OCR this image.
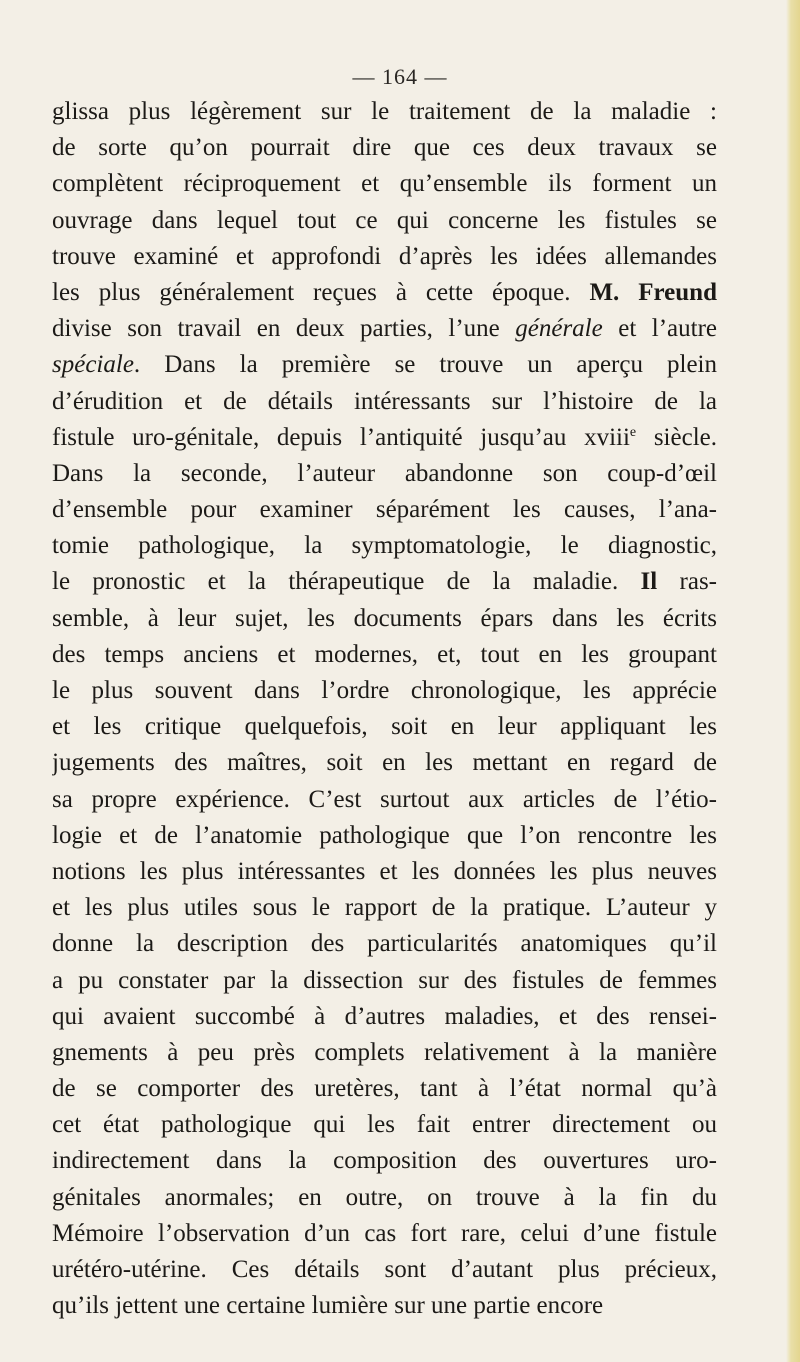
— 164 —
glissa plus légèrement sur le traitement de la maladie :
de sorte qu’on pourrait dire que ces deux travaux se
complètent réciproquement et qu’ensemble ils forment un
ouvrage dans lequel tout ce qui concerne les fistules se
trouve examiné et approfondi d’après les idées allemandes
les plus généralement reçues à cette époque. M. Freund
divise son travail en deux parties, l’une générale et l’autre
spéciale. Dans la première se trouve un aperçu plein
d’érudition et de détails intéressants sur l’histoire de la
fistule uro-génitale, depuis l’antiquité jusqu’au xviii$^e$ siècle.
Dans la seconde, l’auteur abandonne son coup-d’œil
d’ensemble pour examiner séparément les causes, l’ana-
tomie pathologique, la symptomatologie, le diagnostic,
le pronostic et la thérapeutique de la maladie. Il ras-
semble, à leur sujet, les documents épars dans les écrits
des temps anciens et modernes, et, tout en les groupant
le plus souvent dans l’ordre chronologique, les apprécie
et les critique quelquefois, soit en leur appliquant les
jugements des maîtres, soit en les mettant en regard de
sa propre expérience. C’est surtout aux articles de l’étio-
logie et de l’anatomie pathologique que l’on rencontre les
notions les plus intéressantes et les données les plus neuves
et les plus utiles sous le rapport de la pratique. L’auteur y
donne la description des particularités anatomiques qu’il
a pu constater par la dissection sur des fistules de femmes
qui avaient succombé à d’autres maladies, et des rensei-
gnements à peu près complets relativement à la manière
de se comporter des uretères, tant à l’état normal qu’à
cet état pathologique qui les fait entrer directement ou
indirectement dans la composition des ouvertures uro-
génitales anormales; en outre, on trouve à la fin du
Mémoire l’observation d’un cas fort rare, celui d’une fistule
urétéro-utérine. Ces détails sont d’autant plus précieux,
qu’ils jettent une certaine lumière sur une partie encore
